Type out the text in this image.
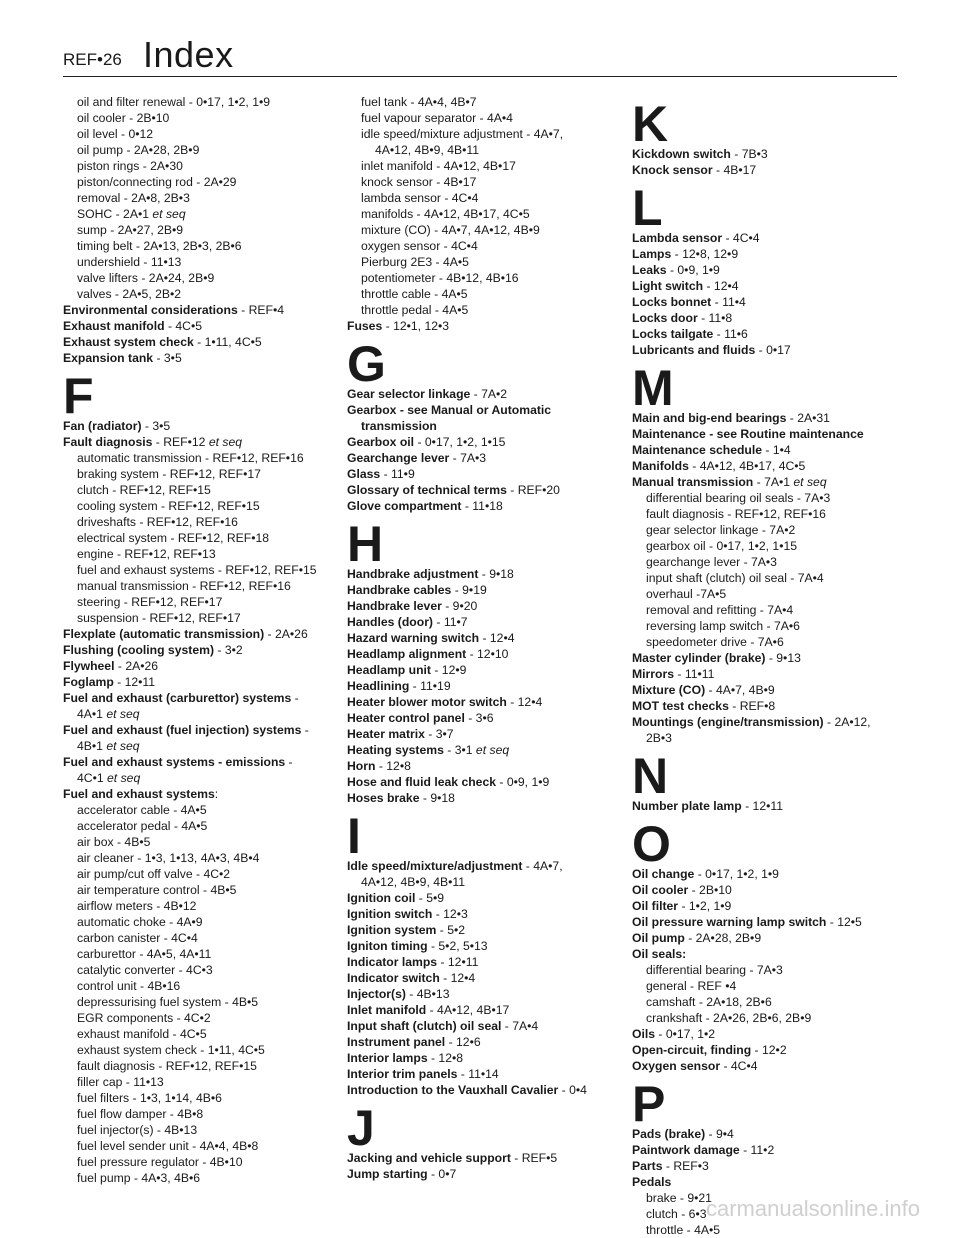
REF•26 Index
oil and filter renewal - 0•17, 1•2, 1•9
oil cooler - 2B•10
oil level - 0•12
oil pump - 2A•28, 2B•9
piston rings - 2A•30
piston/connecting rod - 2A•29
removal - 2A•8, 2B•3
SOHC - 2A•1 et seq
sump - 2A•27, 2B•9
timing belt - 2A•13, 2B•3, 2B•6
undershield - 11•13
valve lifters - 2A•24, 2B•9
valves - 2A•5, 2B•2
Environmental considerations - REF•4
Exhaust manifold - 4C•5
Exhaust system check - 1•11, 4C•5
Expansion tank - 3•5
F
Fan (radiator) - 3•5
Fault diagnosis - REF•12 et seq
automatic transmission - REF•12, REF•16
braking system - REF•12, REF•17
clutch - REF•12, REF•15
cooling system - REF•12, REF•15
driveshafts - REF•12, REF•16
electrical system - REF•12, REF•18
engine - REF•12, REF•13
fuel and exhaust systems - REF•12, REF•15
manual transmission - REF•12, REF•16
steering - REF•12, REF•17
suspension - REF•12, REF•17
Flexplate (automatic transmission) - 2A•26
Flushing (cooling system) - 3•2
Flywheel - 2A•26
Foglamp - 12•11
Fuel and exhaust (carburettor) systems -
4A•1 et seq
Fuel and exhaust (fuel injection) systems -
4B•1 et seq
Fuel and exhaust systems - emissions -
4C•1 et seq
Fuel and exhaust systems:
accelerator cable - 4A•5
accelerator pedal - 4A•5
air box - 4B•5
air cleaner - 1•3, 1•13, 4A•3, 4B•4
air pump/cut off valve - 4C•2
air temperature control - 4B•5
airflow meters - 4B•12
automatic choke - 4A•9
carbon canister - 4C•4
carburettor - 4A•5, 4A•11
catalytic converter - 4C•3
control unit - 4B•16
depressurising fuel system - 4B•5
EGR components - 4C•2
exhaust manifold - 4C•5
exhaust system check - 1•11, 4C•5
fault diagnosis - REF•12, REF•15
filler cap - 11•13
fuel filters - 1•3, 1•14, 4B•6
fuel flow damper - 4B•8
fuel injector(s) - 4B•13
fuel level sender unit - 4A•4, 4B•8
fuel pressure regulator - 4B•10
fuel pump - 4A•3, 4B•6
fuel tank - 4A•4, 4B•7
fuel vapour separator - 4A•4
idle speed/mixture adjustment - 4A•7,
4A•12, 4B•9, 4B•11
inlet manifold - 4A•12, 4B•17
knock sensor - 4B•17
lambda sensor - 4C•4
manifolds - 4A•12, 4B•17, 4C•5
mixture (CO) - 4A•7, 4A•12, 4B•9
oxygen sensor - 4C•4
Pierburg 2E3 - 4A•5
potentiometer - 4B•12, 4B•16
throttle cable - 4A•5
throttle pedal - 4A•5
Fuses - 12•1, 12•3
G
Gear selector linkage - 7A•2
Gearbox - see Manual or Automatic
transmission
Gearbox oil - 0•17, 1•2, 1•15
Gearchange lever - 7A•3
Glass - 11•9
Glossary of technical terms - REF•20
Glove compartment - 11•18
H
Handbrake adjustment - 9•18
Handbrake cables - 9•19
Handbrake lever - 9•20
Handles (door) - 11•7
Hazard warning switch - 12•4
Headlamp alignment - 12•10
Headlamp unit - 12•9
Headlining - 11•19
Heater blower motor switch - 12•4
Heater control panel - 3•6
Heater matrix - 3•7
Heating systems - 3•1 et seq
Horn - 12•8
Hose and fluid leak check - 0•9, 1•9
Hoses brake - 9•18
I
Idle speed/mixture/adjustment - 4A•7,
4A•12, 4B•9, 4B•11
Ignition coil - 5•9
Ignition switch - 12•3
Ignition system - 5•2
Igniton timing - 5•2, 5•13
Indicator lamps - 12•11
Indicator switch - 12•4
Injector(s) - 4B•13
Inlet manifold - 4A•12, 4B•17
Input shaft (clutch) oil seal - 7A•4
Instrument panel - 12•6
Interior lamps - 12•8
Interior trim panels - 11•14
Introduction to the Vauxhall Cavalier - 0•4
J
Jacking and vehicle support - REF•5
Jump starting - 0•7
K
Kickdown switch - 7B•3
Knock sensor - 4B•17
L
Lambda sensor - 4C•4
Lamps - 12•8, 12•9
Leaks - 0•9, 1•9
Light switch - 12•4
Locks bonnet - 11•4
Locks door - 11•8
Locks tailgate - 11•6
Lubricants and fluids - 0•17
M
Main and big-end bearings - 2A•31
Maintenance - see Routine maintenance
Maintenance schedule - 1•4
Manifolds - 4A•12, 4B•17, 4C•5
Manual transmission - 7A•1 et seq
differential bearing oil seals - 7A•3
fault diagnosis - REF•12, REF•16
gear selector linkage - 7A•2
gearbox oil - 0•17, 1•2, 1•15
gearchange lever - 7A•3
input shaft (clutch) oil seal - 7A•4
overhaul -7A•5
removal and refitting - 7A•4
reversing lamp switch - 7A•6
speedometer drive - 7A•6
Master cylinder (brake) - 9•13
Mirrors - 11•11
Mixture (CO) - 4A•7, 4B•9
MOT test checks - REF•8
Mountings (engine/transmission) - 2A•12,
2B•3
N
Number plate lamp - 12•11
O
Oil change - 0•17, 1•2, 1•9
Oil cooler - 2B•10
Oil filter - 1•2, 1•9
Oil pressure warning lamp switch - 12•5
Oil pump - 2A•28, 2B•9
Oil seals:
differential bearing - 7A•3
general - REF •4
camshaft - 2A•18, 2B•6
crankshaft - 2A•26, 2B•6, 2B•9
Oils - 0•17, 1•2
Open-circuit, finding - 12•2
Oxygen sensor - 4C•4
P
Pads (brake) - 9•4
Paintwork damage - 11•2
Parts - REF•3
Pedals
brake - 9•21
clutch - 6•3
throttle - 4A•5
carmanualsonline.info
